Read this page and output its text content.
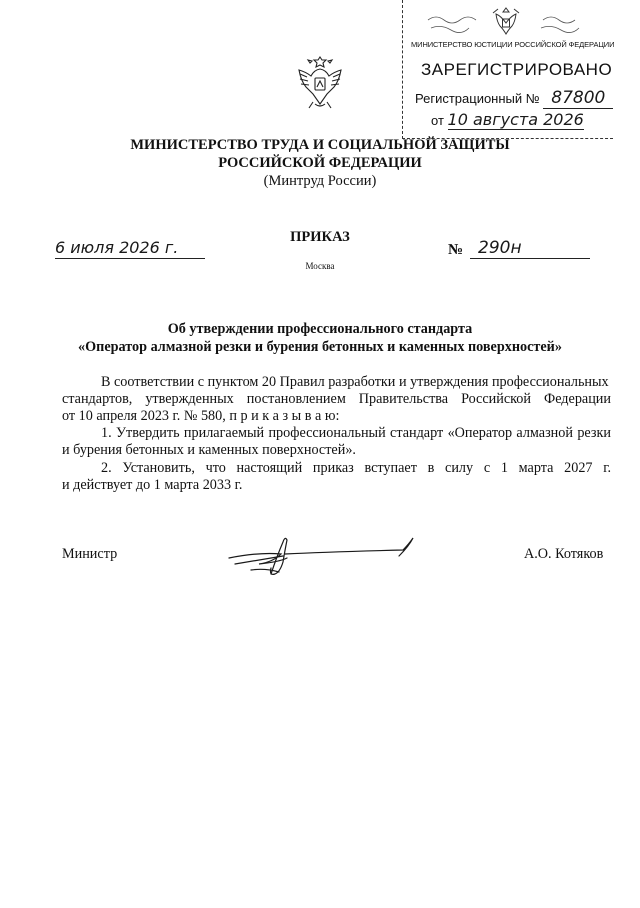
МИНИСТЕРСТВО ЮСТИЦИИ РОССИЙСКОЙ ФЕДЕРАЦИИ
ЗАРЕГИСТРИРОВАНО
Регистрационный № 87800
от 10 августа 2026
МИНИСТЕРСТВО ТРУДА И СОЦИАЛЬНОЙ ЗАЩИТЫ
РОССИЙСКОЙ ФЕДЕРАЦИИ
(Минтруд России)
6 июля 2026 г.
ПРИКАЗ
Москва
№ 290н
Об утверждении профессионального стандарта
«Оператор алмазной резки и бурения бетонных и каменных поверхностей»
В соответствии с пунктом 20 Правил разработки и утверждения профессиональных
стандартов, утвержденных постановлением Правительства Российской Федерации
от 10 апреля 2023 г. № 580, п р и к а з ы в а ю:
1. Утвердить прилагаемый профессиональный стандарт «Оператор алмазной резки
и бурения бетонных и каменных поверхностей».
2. Установить, что настоящий приказ вступает в силу с 1 марта 2027 г.
и действует до 1 марта 2033 г.
Министр	А.О. Котяков
